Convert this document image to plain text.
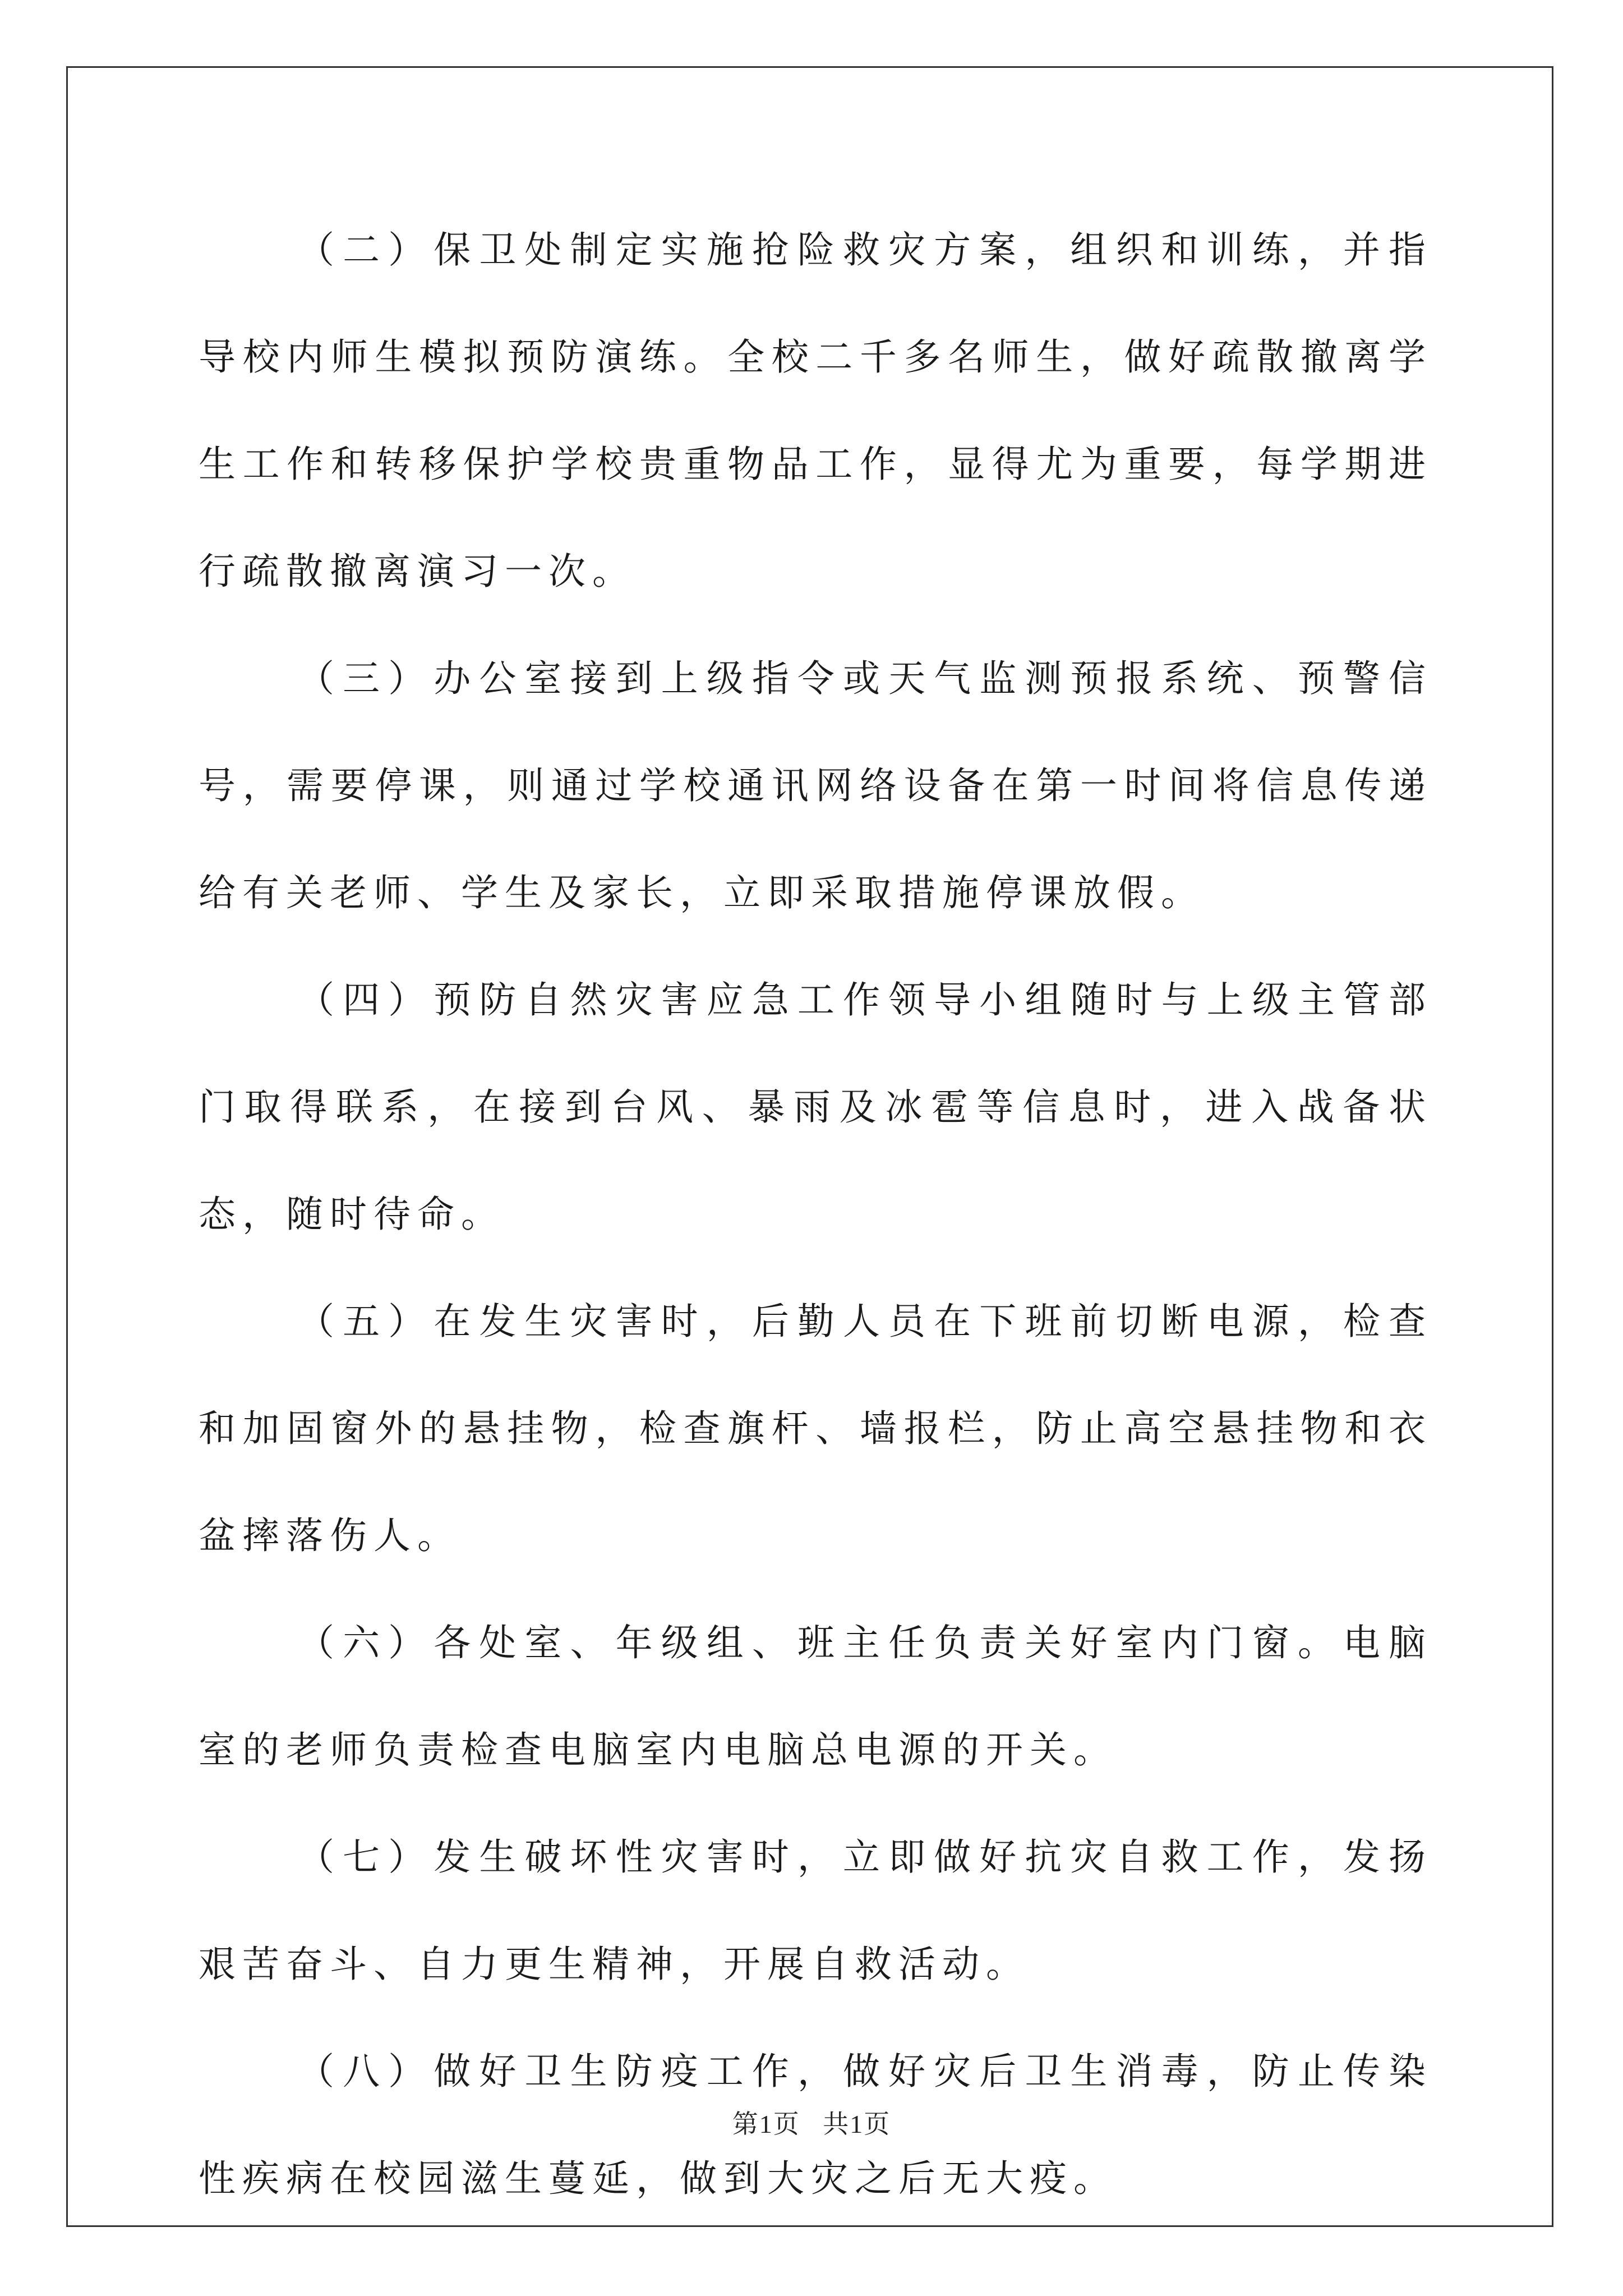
（二）保卫处制定实施抢险救灾方案，组织和训练，并指导校内师生模拟预防演练。全校二千多名师生，做好疏散撤离学生工作和转移保护学校贵重物品工作，显得尤为重要，每学期进行疏散撤离演习一次。

（三）办公室接到上级指令或天气监测预报系统、预警信号，需要停课，则通过学校通讯网络设备在第一时间将信息传递给有关老师、学生及家长，立即采取措施停课放假。

（四）预防自然灾害应急工作领导小组随时与上级主管部门取得联系，在接到台风、暴雨及冰雹等信息时，进入战备状态，随时待命。

（五）在发生灾害时，后勤人员在下班前切断电源，检查和加固窗外的悬挂物，检查旗杆、墙报栏，防止高空悬挂物和衣盆摔落伤人。

（六）各处室、年级组、班主任负责关好室内门窗。电脑室的老师负责检查电脑室内电脑总电源的开关。

（七）发生破坏性灾害时，立即做好抗灾自救工作，发扬艰苦奋斗、自力更生精神，开展自救活动。

（八）做好卫生防疫工作，做好灾后卫生消毒，防止传染性疾病在校园滋生蔓延，做到大灾之后无大疫。

第1页 共1页
